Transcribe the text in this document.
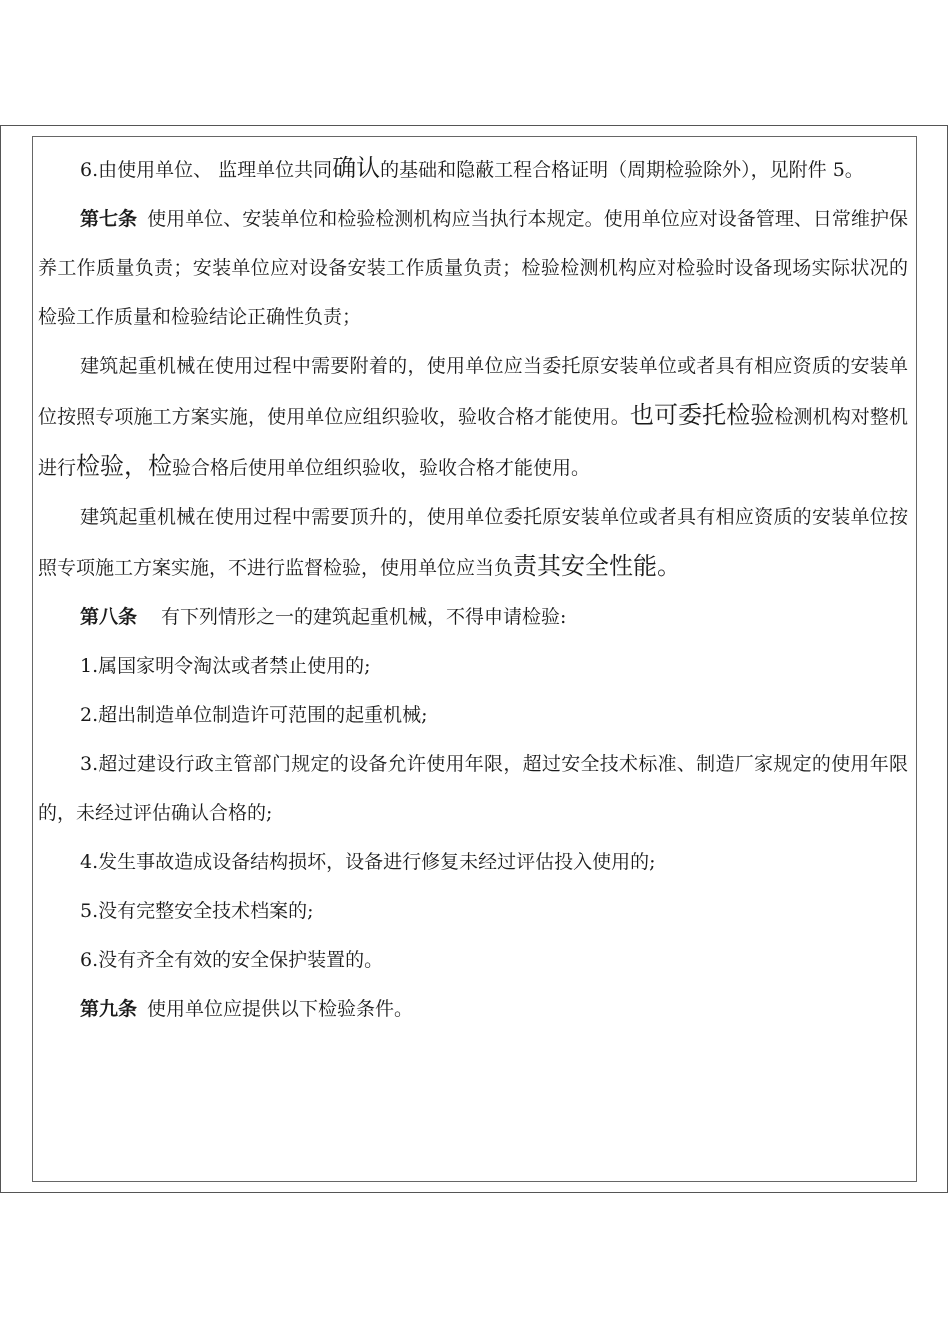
6.由使用单位、 监理单位共同确认的基础和隐蔽工程合格证明（周期检验除外），见附件 5。

第七条 使用单位、安装单位和检验检测机构应当执行本规定。使用单位应对设备管理、日常维护保养工作质量负责；安装单位应对设备安装工作质量负责；检验检测机构应对检验时设备现场实际状况的检验工作质量和检验结论正确性负责；

建筑起重机械在使用过程中需要附着的，使用单位应当委托原安装单位或者具有相应资质的安装单位按照专项施工方案实施，使用单位应组织验收，验收合格才能使用。也可委托检验检测机构对整机进行检验，检验合格后使用单位组织验收，验收合格才能使用。

建筑起重机械在使用过程中需要顶升的，使用单位委托原安装单位或者具有相应资质的安装单位按照专项施工方案实施，不进行监督检验，使用单位应当负责其安全性能。

第八条 有下列情形之一的建筑起重机械，不得申请检验:

1.属国家明令淘汰或者禁止使用的;

2.超出制造单位制造许可范围的起重机械;

3.超过建设行政主管部门规定的设备允许使用年限，超过安全技术标准、制造厂家规定的使用年限的，未经过评估确认合格的;

4.发生事故造成设备结构损坏，设备进行修复未经过评估投入使用的;

5.没有完整安全技术档案的;

6.没有齐全有效的安全保护装置的。

第九条 使用单位应提供以下检验条件。
